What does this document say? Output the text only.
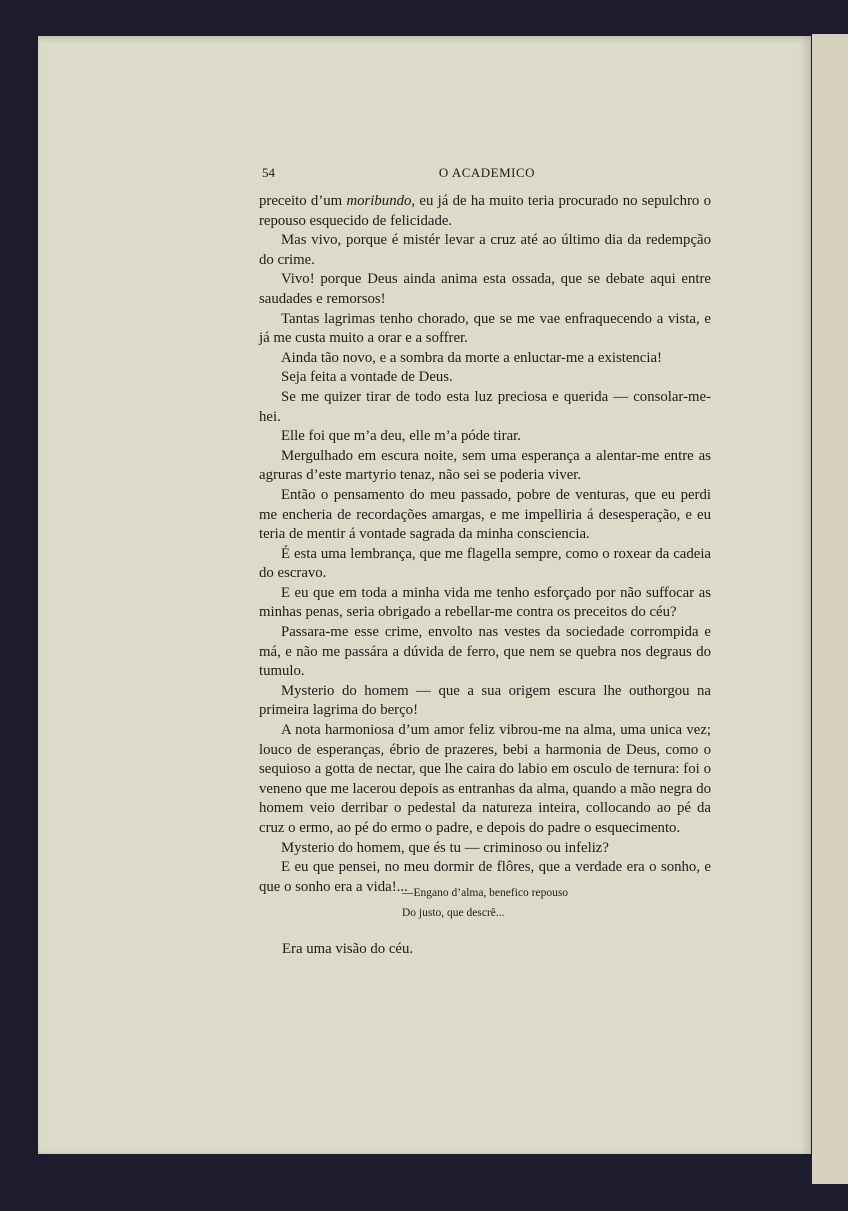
54	O ACADEMICO

preceito d’um moribundo, eu já de ha muito teria procurado no sepulchro o repouso esquecido de felicidade.

Mas vivo, porque é mistér levar a cruz até ao último dia da redempção do crime.

Vivo! porque Deus ainda anima esta ossada, que se debate aqui entre saudades e remorsos!

Tantas lagrimas tenho chorado, que se me vae enfraquecendo a vista, e já me custa muito a orar e a soffrer.

Ainda tão novo, e a sombra da morte a enluctar-me a existencia!

Seja feita a vontade de Deus.

Se me quizer tirar de todo esta luz preciosa e querida — consolar-me-hei.

Elle foi que m’a deu, elle m’a póde tirar.

Mergulhado em escura noite, sem uma esperança a alentar-me entre as agruras d’este martyrio tenaz, não sei se poderia viver.

Então o pensamento do meu passado, pobre de venturas, que eu perdi me encheria de recordações amargas, e me impelliria á desesperação, e eu teria de mentir á vontade sagrada da minha consciencia.

É esta uma lembrança, que me flagella sempre, como o roxear da cadeia do escravo.

E eu que em toda a minha vida me tenho esforçado por não suffocar as minhas penas, seria obrigado a rebellar-me contra os preceitos do céu?

Passara-me esse crime, envolto nas vestes da sociedade corrompida e má, e não me passára a dúvida de ferro, que nem se quebra nos degraus do tumulo.

Mysterio do homem — que a sua origem escura lhe outhorgou na primeira lagrima do berço!

A nota harmoniosa d’um amor feliz vibrou-me na alma, uma unica vez; louco de esperanças, ébrio de prazeres, bebi a harmonia de Deus, como o sequioso a gotta de nectar, que lhe caira do labio em osculo de ternura: foi o veneno que me lacerou depois as entranhas da alma, quando a mão negra do homem veio derribar o pedestal da natureza inteira, collocando ao pé da cruz o ermo, ao pé do ermo o padre, e depois do padre o esquecimento.

Mysterio do homem, que és tu — criminoso ou infeliz?

E eu que pensei, no meu dormir de flôres, que a verdade era o sonho, e que o sonho era a vida!...

—Engano d’alma, benefico repouso
Do justo, que descrê...
Era uma visão do céu.
